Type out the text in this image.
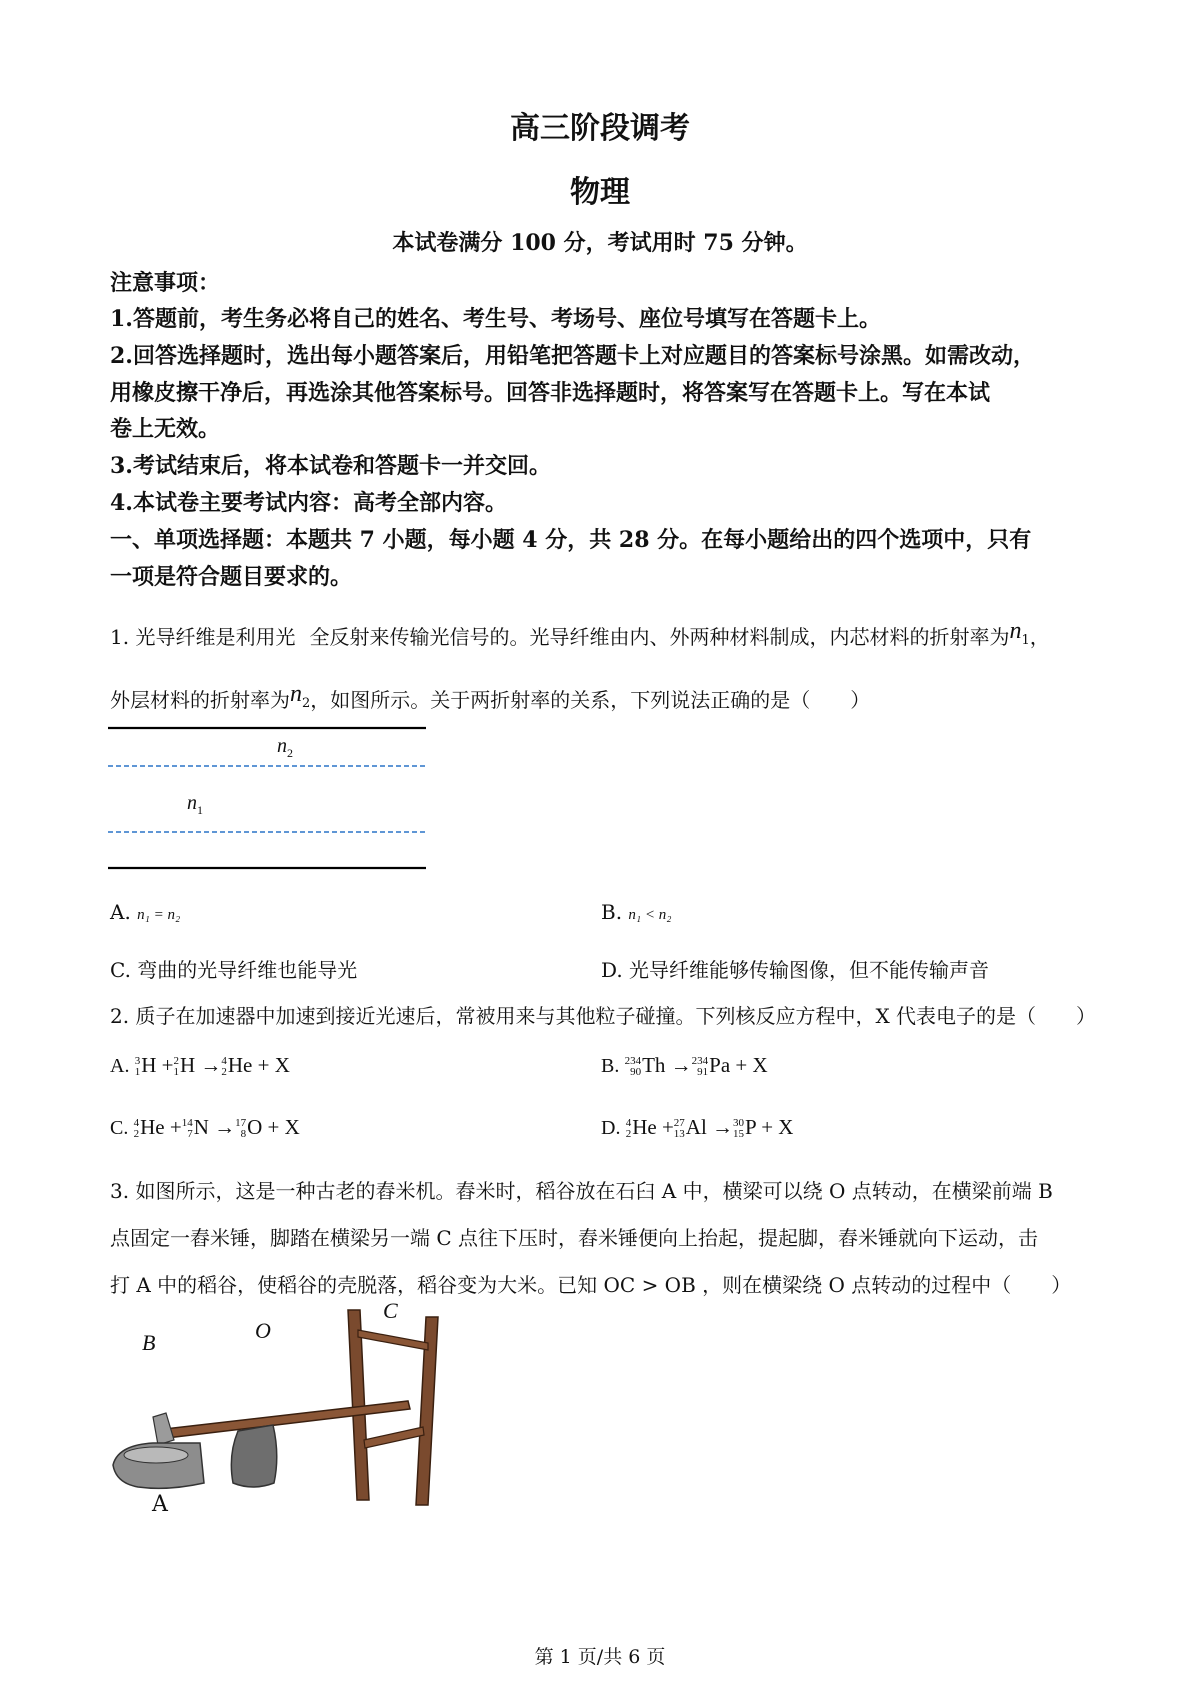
高三阶段调考
物理
本试卷满分 100 分，考试用时 75 分钟。
注意事项：
1.答题前，考生务必将自己的姓名、考生号、考场号、座位号填写在答题卡上。
2.回答选择题时，选出每小题答案后，用铅笔把答题卡上对应题目的答案标号涂黑。如需改动，
用橡皮擦干净后，再选涂其他答案标号。回答非选择题时，将答案写在答题卡上。写在本试
卷上无效。
3.考试结束后，将本试卷和答题卡一并交回。
4.本试卷主要考试内容：高考全部内容。
一、单项选择题：本题共 7 小题，每小题 4 分，共 28 分。在每小题给出的四个选项中，只有
一项是符合题目要求的。
1. 光导纤维是利用光 全反射来传输光信号的。光导纤维由内、外两种材料制成，内芯材料的折射率为n1，
外层材料的折射率为n2，如图所示。关于两折射率的关系，下列说法正确的是（　　）
$n_2$
$n_1$
A. n₁ = n₂	B. n₁ < n₂
C. 弯曲的光导纤维也能导光	D. 光导纤维能够传输图像，但不能传输声音
2. 质子在加速器中加速到接近光速后，常被用来与其他粒子碰撞。下列核反应方程中，X 代表电子的是（　　）
A. 3
1 H + 2
1 H → 4
2 He + X	B. 234
90 Th → 234
91 Pa + X
C. 4
2 He + 14
7 N → 17
8 O + X	D. 4
2 He + 27
13 Al → 30
15 P + X
3. 如图所示，这是一种古老的舂米机。舂米时，稻谷放在石臼 A 中，横梁可以绕 O 点转动，在横梁前端 B
点固定一舂米锤，脚踏在横梁另一端 C 点往下压时，舂米锤便向上抬起，提起脚，舂米锤就向下运动，击
打 A 中的稻谷，使稻谷的壳脱落，稻谷变为大米。已知 OC > OB ，则在横梁绕 O 点转动的过程中（　　）
B	O
C
A
第 1 页/共 6 页
